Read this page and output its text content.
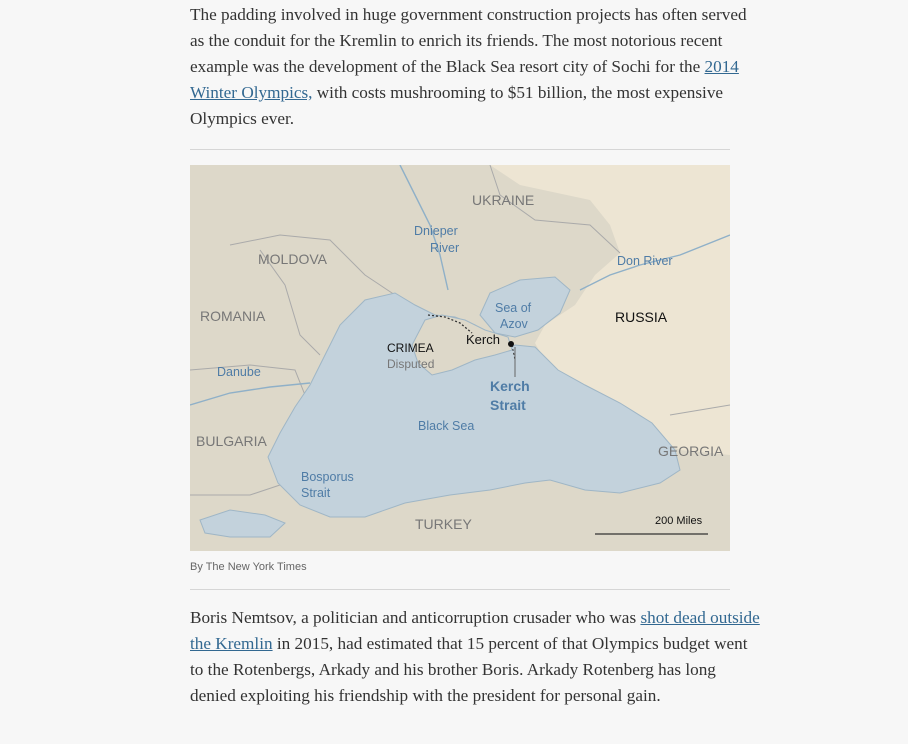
The padding involved in huge government construction projects has often served as the conduit for the Kremlin to enrich its friends. The most notorious recent example was the development of the Black Sea resort city of Sochi for the 2014 Winter Olympics, with costs mushrooming to $51 billion, the most expensive Olympics ever.

UKRAINE
MOLDOVA
ROMANIA
BULGARIA
TURKEY
GEORGIA
RUSSIA
Dnieper
River
Don River
Sea of
Azov
Danube
Black Sea
Bosporus
Strait
Kerch
Strait
Kerch
CRIMEA
Disputed
200 Miles
By The New York Times

Boris Nemtsov, a politician and anticorruption crusader who was shot dead outside the Kremlin in 2015, had estimated that 15 percent of that Olympics budget went to the Rotenbergs, Arkady and his brother Boris. Arkady Rotenberg has long denied exploiting his friendship with the president for personal gain.
